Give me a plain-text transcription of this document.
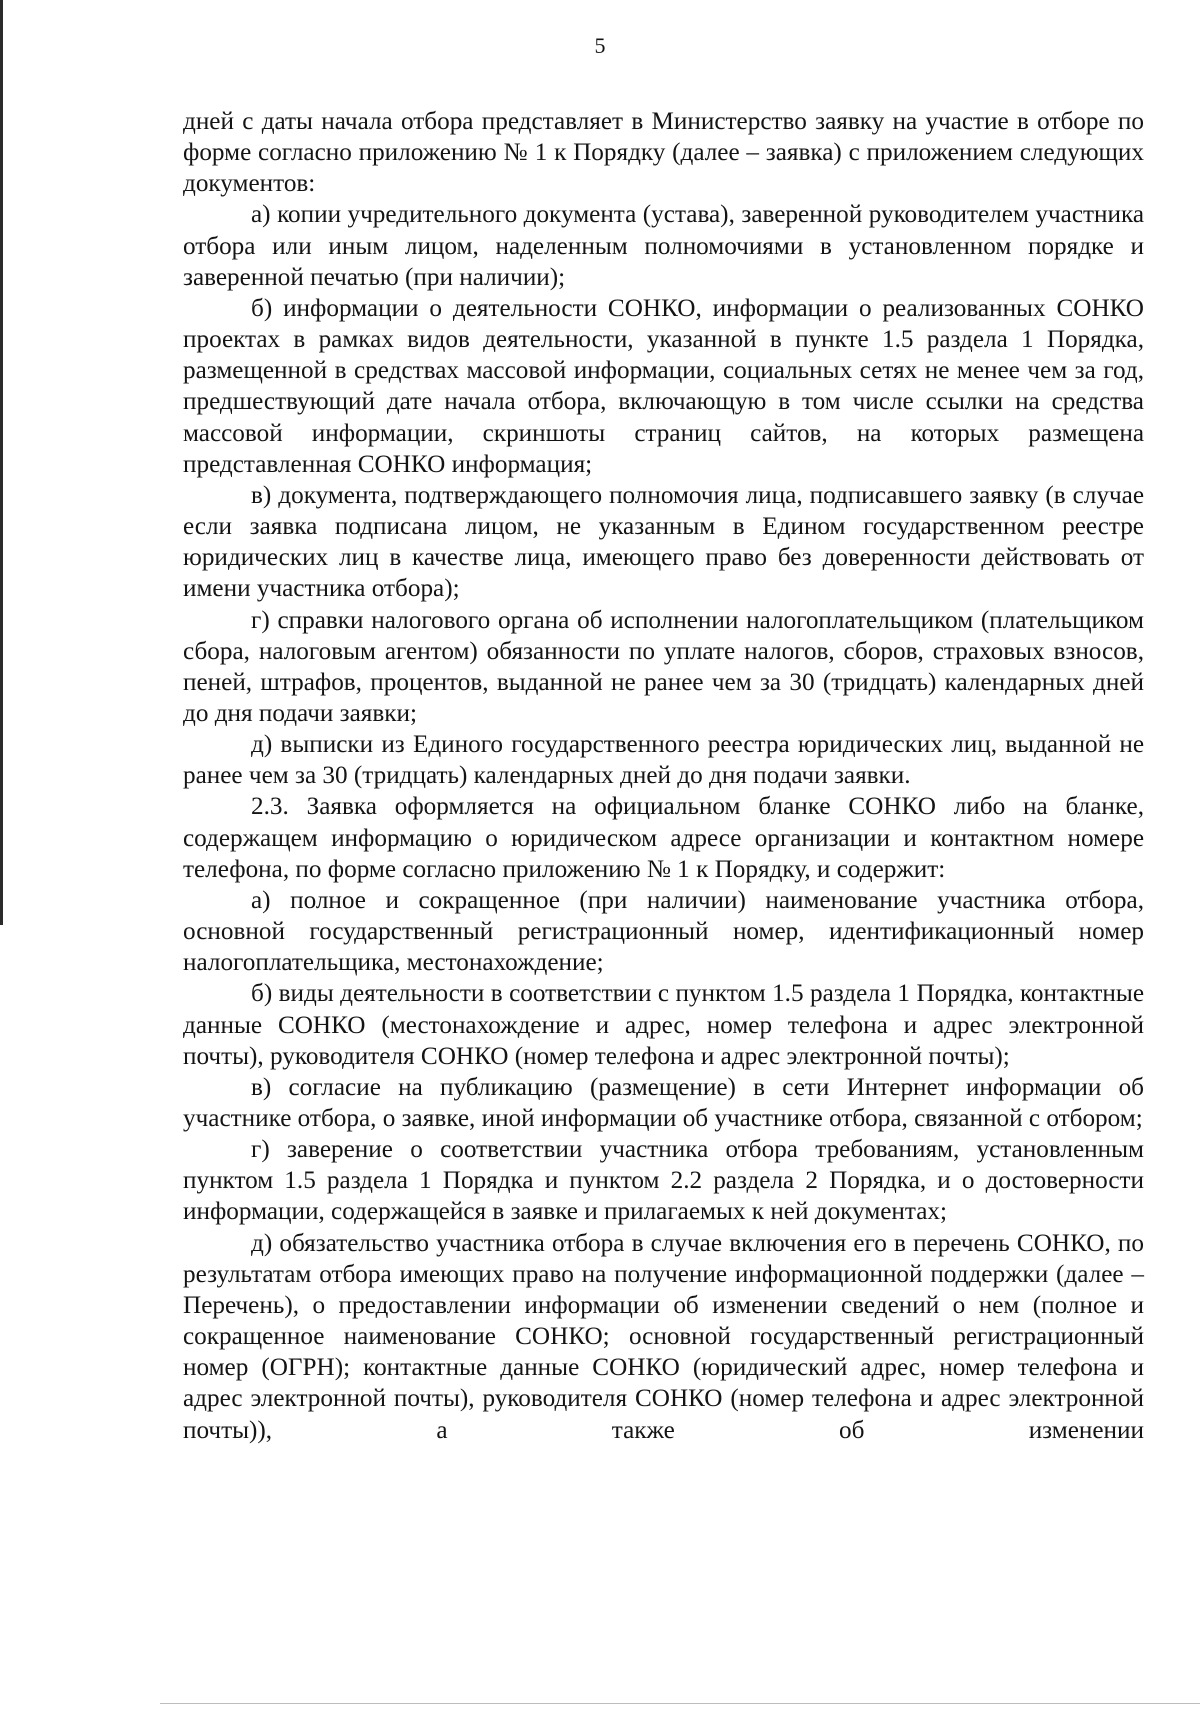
5

дней с даты начала отбора представляет в Министерство заявку на участие в отборе по форме согласно приложению № 1 к Порядку (далее – заявка) с приложением следующих документов:

а) копии учредительного документа (устава), заверенной руководителем участника отбора или иным лицом, наделенным полномочиями в установленном порядке и заверенной печатью (при наличии);

б) информации о деятельности СОНКО, информации о реализованных СОНКО проектах в рамках видов деятельности, указанной в пункте 1.5 раздела 1 Порядка, размещенной в средствах массовой информации, социальных сетях не менее чем за год, предшествующий дате начала отбора, включающую в том числе ссылки на средства массовой информации, скриншоты страниц сайтов, на которых размещена представленная СОНКО информация;

в) документа, подтверждающего полномочия лица, подписавшего заявку (в случае если заявка подписана лицом, не указанным в Едином государственном реестре юридических лиц в качестве лица, имеющего право без доверенности действовать от имени участника отбора);

г) справки налогового органа об исполнении налогоплательщиком (плательщиком сбора, налоговым агентом) обязанности по уплате налогов, сборов, страховых взносов, пеней, штрафов, процентов, выданной не ранее чем за 30 (тридцать) календарных дней до дня подачи заявки;

д) выписки из Единого государственного реестра юридических лиц, выданной не ранее чем за 30 (тридцать) календарных дней до дня подачи заявки.

2.3. Заявка оформляется на официальном бланке СОНКО либо на бланке, содержащем информацию о юридическом адресе организации и контактном номере телефона, по форме согласно приложению № 1 к Порядку, и содержит:

а) полное и сокращенное (при наличии) наименование участника отбора, основной государственный регистрационный номер, идентификационный номер налогоплательщика, местонахождение;

б) виды деятельности в соответствии с пунктом 1.5 раздела 1 Порядка, контактные данные СОНКО (местонахождение и адрес, номер телефона и адрес электронной почты), руководителя СОНКО (номер телефона и адрес электронной почты);

в) согласие на публикацию (размещение) в сети Интернет информации об участнике отбора, о заявке, иной информации об участнике отбора, связанной с отбором;

г) заверение о соответствии участника отбора требованиям, установленным пунктом 1.5 раздела 1 Порядка и пунктом 2.2 раздела 2 Порядка, и о достоверности информации, содержащейся в заявке и прилагаемых к ней документах;

д) обязательство участника отбора в случае включения его в перечень СОНКО, по результатам отбора имеющих право на получение информационной поддержки (далее – Перечень), о предоставлении информации об изменении сведений о нем (полное и сокращенное наименование СОНКО; основной государственный регистрационный номер (ОГРН); контактные данные СОНКО (юридический адрес, номер телефона и адрес электронной почты), руководителя СОНКО (номер телефона и адрес электронной почты)), а также об изменении
